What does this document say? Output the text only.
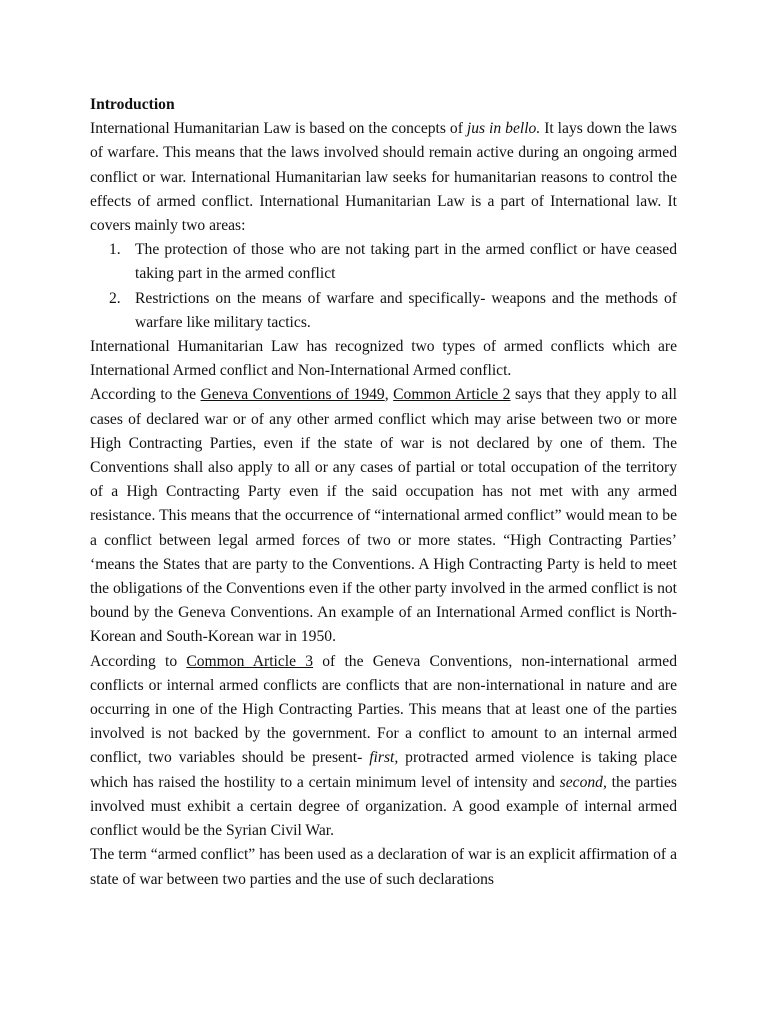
Introduction

International Humanitarian Law is based on the concepts of jus in bello. It lays down the laws of warfare. This means that the laws involved should remain active during an ongoing armed conflict or war. International Humanitarian law seeks for humanitarian reasons to control the effects of armed conflict. International Humanitarian Law is a part of International law. It covers mainly two areas:

1. The protection of those who are not taking part in the armed conflict or have ceased taking part in the armed conflict
2. Restrictions on the means of warfare and specifically- weapons and the methods of warfare like military tactics.

International Humanitarian Law has recognized two types of armed conflicts which are International Armed conflict and Non-International Armed conflict.

According to the Geneva Conventions of 1949, Common Article 2 says that they apply to all cases of declared war or of any other armed conflict which may arise between two or more High Contracting Parties, even if the state of war is not declared by one of them. The Conventions shall also apply to all or any cases of partial or total occupation of the territory of a High Contracting Party even if the said occupation has not met with any armed resistance. This means that the occurrence of “international armed conflict” would mean to be a conflict between legal armed forces of two or more states. “High Contracting Parties’ ‘means the States that are party to the Conventions. A High Contracting Party is held to meet the obligations of the Conventions even if the other party involved in the armed conflict is not bound by the Geneva Conventions. An example of an International Armed conflict is North-Korean and South-Korean war in 1950.

According to Common Article 3 of the Geneva Conventions, non-international armed conflicts or internal armed conflicts are conflicts that are non-international in nature and are occurring in one of the High Contracting Parties. This means that at least one of the parties involved is not backed by the government. For a conflict to amount to an internal armed conflict, two variables should be present- first, protracted armed violence is taking place which has raised the hostility to a certain minimum level of intensity and second, the parties involved must exhibit a certain degree of organization. A good example of internal armed conflict would be the Syrian Civil War.

The term “armed conflict” has been used as a declaration of war is an explicit affirmation of a state of war between two parties and the use of such declarations
